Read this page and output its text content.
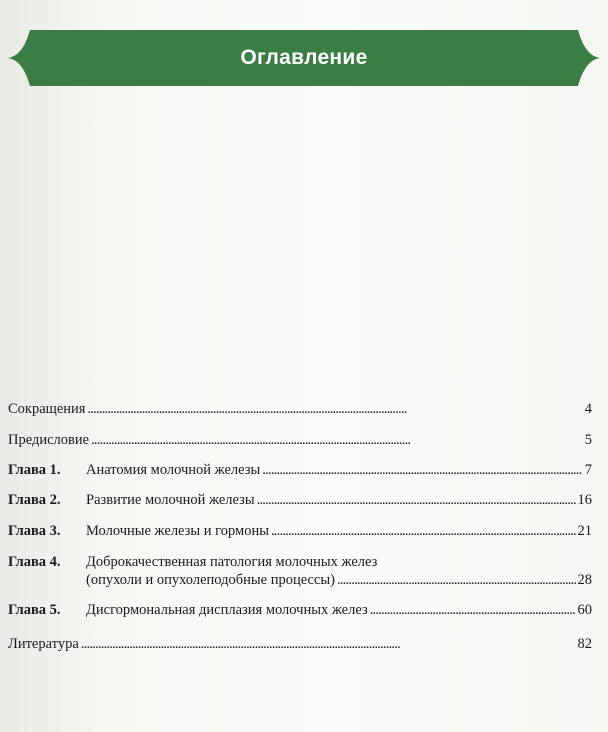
Оглавление
Сокращения . . .	4
Предисловие . . .	5
Глава 1.	Анатомия молочной железы . . .	7
Глава 2.	Развитие молочной железы . . .	16
Глава 3.	Молочные железы и гормоны . . .	21
Глава 4.	Доброкачественная патология молочных желез
(опухоли и опухолеподобные процессы) . . .	28
Глава 5.	Дисгормональная дисплазия молочных желез . . .	60
Литература . . .	82
